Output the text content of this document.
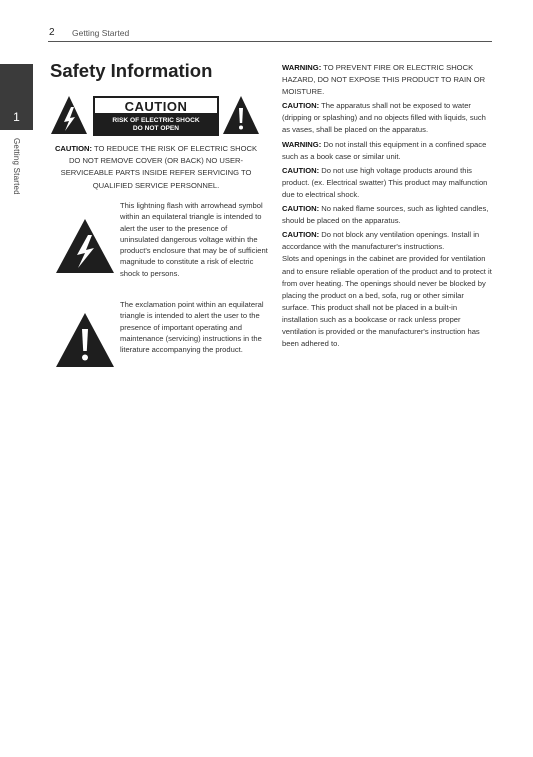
2 Getting Started
1
Getting Started
Safety Information
CAUTION
RISK OF ELECTRIC SHOCK
DO NOT OPEN
CAUTION: TO REDUCE THE RISK OF ELECTRIC SHOCK DO NOT REMOVE COVER (OR BACK) NO USER-SERVICEABLE PARTS INSIDE REFER SERVICING TO QUALIFIED SERVICE PERSONNEL.
This lightning flash with arrowhead symbol within an equilateral triangle is intended to alert the user to the presence of uninsulated dangerous voltage within the product's enclosure that may be of sufficient magnitude to constitute a risk of electric shock to persons.
The exclamation point within an equilateral triangle is intended to alert the user to the presence of important operating and maintenance (servicing) instructions in the literature accompanying the product.

WARNING: TO PREVENT FIRE OR ELECTRIC SHOCK HAZARD, DO NOT EXPOSE THIS PRODUCT TO RAIN OR MOISTURE.

CAUTION: The apparatus shall not be exposed to water (dripping or splashing) and no objects filled with liquids, such as vases, shall be placed on the apparatus.

WARNING: Do not install this equipment in a confined space such as a book case or similar unit.

CAUTION: Do not use high voltage products around this product. (ex. Electrical swatter) This product may malfunction due to electrical shock.

CAUTION: No naked flame sources, such as lighted candles, should be placed on the apparatus.

CAUTION: Do not block any ventilation openings. Install in accordance with the manufacturer's instructions.

Slots and openings in the cabinet are provided for ventilation and to ensure reliable operation of the product and to protect it from over heating. The openings should never be blocked by placing the product on a bed, sofa, rug or other similar surface. This product shall not be placed in a built-in installation such as a bookcase or rack unless proper ventilation is provided or the manufacturer's instruction has been adhered to.
